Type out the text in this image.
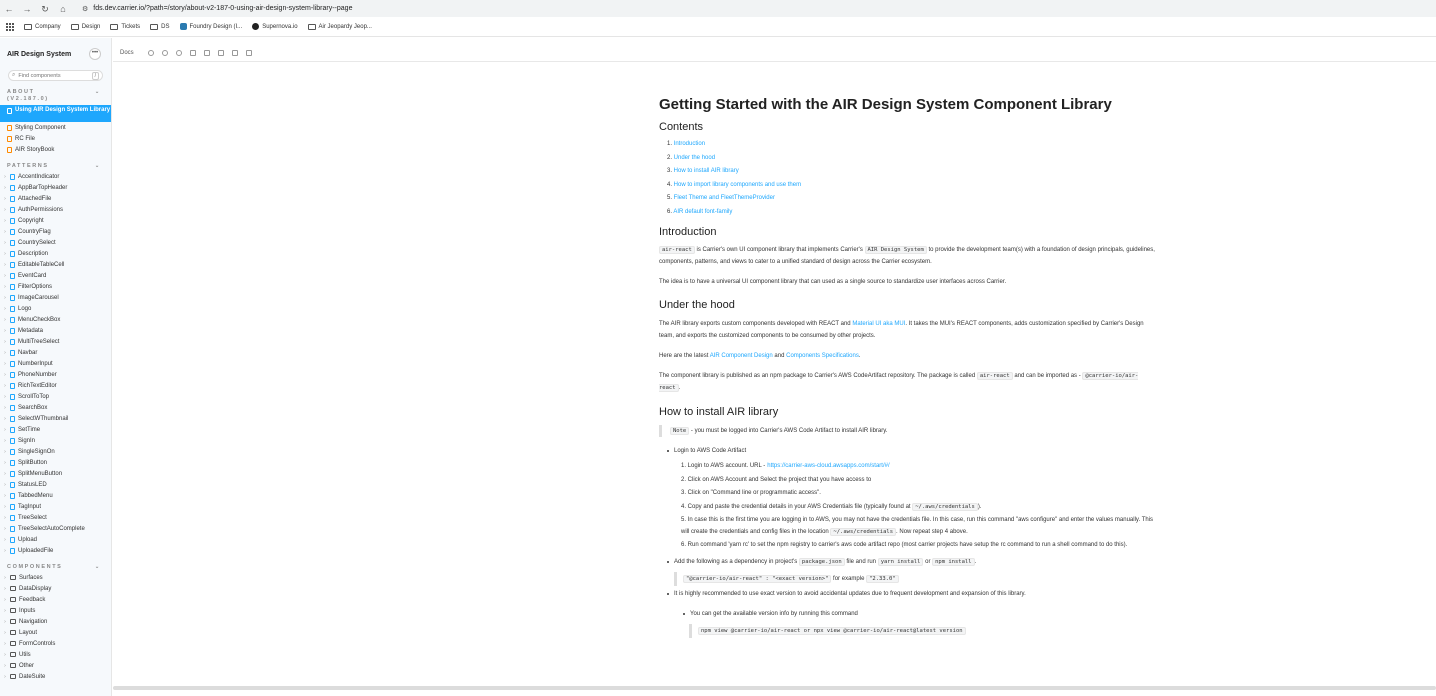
← → ↻ ⌂	⚙ fds.dev.carrier.io/?path=/story/about-v2-187-0-using-air-design-system-library--page
Company	Design	Tickets	DS	Foundry Design (I...	Supernova.io	Air Jeopardy Jeop...
AIR Design System	•••
⌕
Find components	/
ABOUT (V2.187.0)
⌄
Using AIR Design System Library
Styling Component
RC File
AIR StoryBook
PATTERNS	⌄
› AccentIndicator
› AppBarTopHeader
› AttachedFile
› AuthPermissions
› Copyright
› CountryFlag
› CountrySelect
› Description
› EditableTableCell
› EventCard
› FilterOptions
› ImageCarousel
› Logo
› MenuCheckBox
› Metadata
› MultiTreeSelect
› Navbar
› NumberInput
› PhoneNumber
› RichTextEditor
› ScrollToTop
› SearchBox
› SelectWThumbnail
› SetTime
› SignIn
› SingleSignOn
› SplitButton
› SplitMenuButton
› StatusLED
› TabbedMenu
› TagInput
› TreeSelect
› TreeSelectAutoComplete
› Upload
› UploadedFile
COMPONENTS	⌄
› Surfaces
› DataDisplay
› Feedback
› Inputs
› Navigation
› Layout
› FormControls
› Utils
› Other
› DateSuite
Docs
Getting Started with the AIR Design System Component Library
Contents
1. Introduction
2. Under the hood
3. How to install AIR library
4. How to import library components and use them
5. Fleet Theme and FleetThemeProvider
6. AIR default font-family
Introduction
air-react is Carrier's own UI component library that implements Carrier's AIR Design System to provide the development team(s) with a foundation of design principals, guidelines, components, patterns, and views to cater to a unified standard of design across the Carrier ecosystem.
The idea is to have a universal UI component library that can used as a single source to standardize user interfaces across Carrier.
Under the hood
The AIR library exports custom components developed with REACT and Material UI aka MUI. It takes the MUI's REACT components, adds customization specified by Carrier's Design team, and exports the customized components to be consumed by other projects.
Here are the latest AIR Component Design and Components Specifications.
The component library is published as an npm package to Carrier's AWS CodeArtifact repository. The package is called air-react and can be imported as - @carrier-io/air-react .
How to install AIR library
Note - you must be logged into Carrier's AWS Code Artifact to install AIR library.
Login to AWS Code Artifact
1. Login to AWS account. URL - https://carrier-aws-cloud.awsapps.com/start/#/
2. Click on AWS Account and Select the project that you have access to
3. Click on "Command line or programmatic access".
4. Copy and paste the credential details in your AWS Credentials file (typically found at ~/.aws/credentials ).
5. In case this is the first time you are logging in to AWS, you may not have the credentials file. In this case, run this command "aws configure" and enter the values manually. This will create the credentials and config files in the location ~/.aws/credentials . Now repeat step 4 above.
6. Run command 'yarn rc' to set the npm registry to carrier's aws code artifact repo (most carrier projects have setup the rc command to run a shell command to do this).
Add the following as a dependency in project's package.json file and run yarn install or npm install .
"@carrier-io/air-react" : "<exact version>" for example "2.33.0"
It is highly recommended to use exact version to avoid accidental updates due to frequent development and expansion of this library.
You can get the available version info by running this command
npm view @carrier-io/air-react or npx view @carrier-io/air-react@latest version
